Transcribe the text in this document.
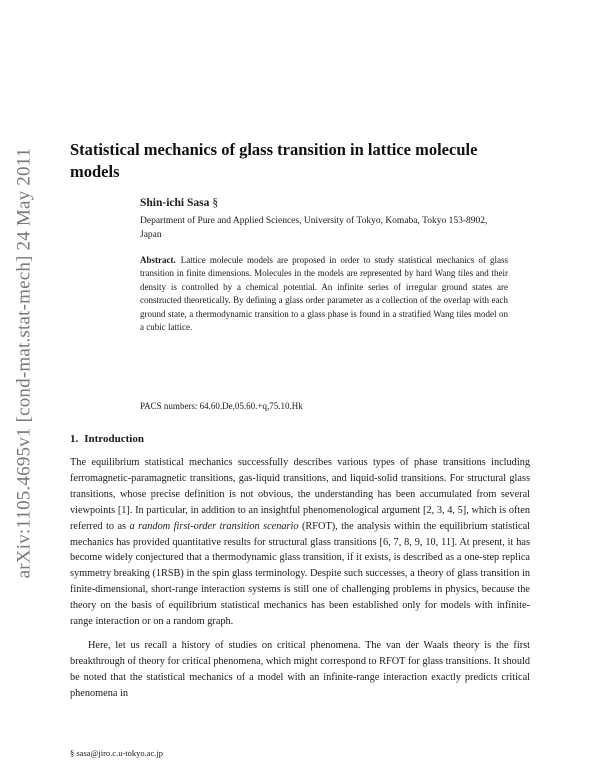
arXiv:1105.4695v1 [cond-mat.stat-mech] 24 May 2011 Statistical mechanics of glass transition in lattice molecule models
Shin-ichi Sasa §
Department of Pure and Applied Sciences, University of Tokyo, Komaba, Tokyo 153-8902, Japan
Abstract. Lattice molecule models are proposed in order to study statistical mechanics of glass transition in finite dimensions. Molecules in the models are represented by hard Wang tiles and their density is controlled by a chemical potential. An infinite series of irregular ground states are constructed theoretically. By defining a glass order parameter as a collection of the overlap with each ground state, a thermodynamic transition to a glass phase is found in a stratified Wang tiles model on a cubic lattice.
PACS numbers: 64.60.De,05.60.+q,75.10.Hk
1. Introduction

The equilibrium statistical mechanics successfully describes various types of phase transitions including ferromagnetic-paramagnetic transitions, gas-liquid transitions, and liquid-solid transitions. For structural glass transitions, whose precise definition is not obvious, the understanding has been accumulated from several viewpoints [1]. In particular, in addition to an insightful phenomenological argument [2, 3, 4, 5], which is often referred to as a random first-order transition scenario (RFOT), the analysis within the equilibrium statistical mechanics has provided quantitative results for structural glass transitions [6, 7, 8, 9, 10, 11]. At present, it has become widely conjectured that a thermodynamic glass transition, if it exists, is described as a one-step replica symmetry breaking (1RSB) in the spin glass terminology. Despite such successes, a theory of glass transition in finite-dimensional, short-range interaction systems is still one of challenging problems in physics, because the theory on the basis of equilibrium statistical mechanics has been established only for models with infinite-range interaction or on a random graph.

Here, let us recall a history of studies on critical phenomena. The van der Waals theory is the first breakthrough of theory for critical phenomena, which might correspond to RFOT for glass transitions. It should be noted that the statistical mechanics of a model with an infinite-range interaction exactly predicts critical phenomena in

§ sasa@jiro.c.u-tokyo.ac.jp
